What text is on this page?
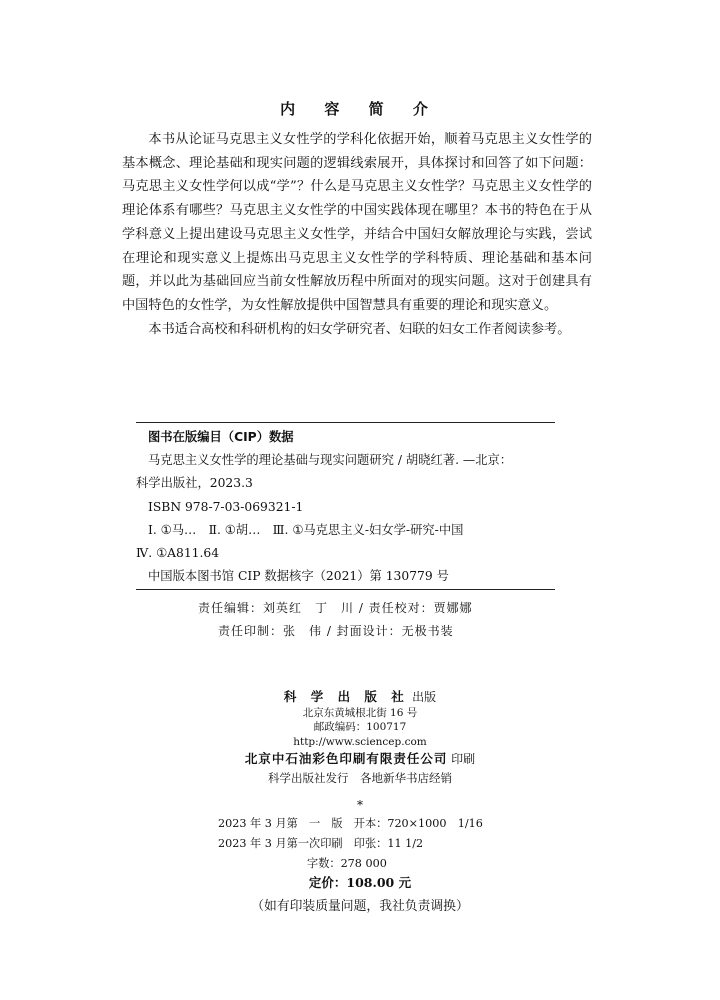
内 容 简 介

本书从论证马克思主义女性学的学科化依据开始，顺着马克思主义女性学的基本概念、理论基础和现实问题的逻辑线索展开，具体探讨和回答了如下问题：马克思主义女性学何以成“学”？什么是马克思主义女性学？马克思主义女性学的理论体系有哪些？马克思主义女性学的中国实践体现在哪里？本书的特色在于从学科意义上提出建设马克思主义女性学，并结合中国妇女解放理论与实践，尝试在理论和现实意义上提炼出马克思主义女性学的学科特质、理论基础和基本问题，并以此为基础回应当前女性解放历程中所面对的现实问题。这对于创建具有中国特色的女性学，为女性解放提供中国智慧具有重要的理论和现实意义。

本书适合高校和科研机构的妇女学研究者、妇联的妇女工作者阅读参考。

图书在版编目（CIP）数据
马克思主义女性学的理论基础与现实问题研究 / 胡晓红著. —北京：
科学出版社，2023.3
ISBN 978-7-03-069321-1
Ⅰ. ①马…　Ⅱ. ①胡…　Ⅲ. ①马克思主义-妇女学-研究-中国
Ⅳ. ①A811.64
中国版本图书馆 CIP 数据核字（2021）第 130779 号
责任编辑：刘英红　丁　川 / 责任校对：贾娜娜
责任印制：张　伟 / 封面设计：无极书装
科 学 出 版 社 出版
北京东黄城根北街 16 号
邮政编码：100717
http://www.sciencep.com
北京中石油彩色印刷有限责任公司 印刷
科学出版社发行　各地新华书店经销
*
2023 年 3 月第　一　版　开本：720×1000　1/16
2023 年 3 月第一次印刷　印张：11 1/2
字数：278 000
定价：108.00 元
（如有印装质量问题，我社负责调换）
